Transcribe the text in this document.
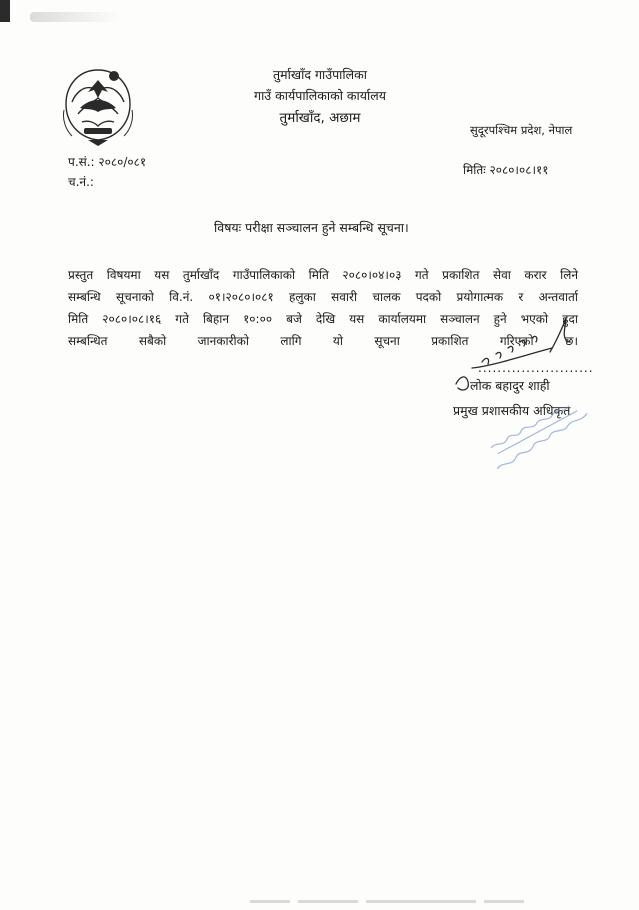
तुर्माखाँद गाउँपालिका
गाउँ कार्यपालिकाको कार्यालय
तुर्माखाँद, अछाम
सुदूरपश्चिम प्रदेश, नेपाल
प.सं.: २०८०/०८१
च.नं.:
मितिः २०८०।०८।११
विषयः परीक्षा सञ्चालन हुने सम्बन्धि सूचना।
प्रस्तुत विषयमा यस तुर्माखाँद गाउँपालिकाको मिति २०८०।०४।०३ गते प्रकाशित सेवा करार लिने
सम्बन्धि सूचनाको वि.नं. ०१।२०८०।०८१ हलुका सवारी चालक पदको प्रयोगात्मक र अन्तवार्ता
मिति २०८०।०८।१६ गते बिहान १०:०० बजे देखि यस कार्यालयमा सञ्चालन हुने भएको हुदा
सम्बन्धित सबैको जानकारीको लागि यो सूचना प्रकाशित गरिएको छ।
........................
लोक बहादुर शाही
प्रमुख प्रशासकीय अधिकृत
